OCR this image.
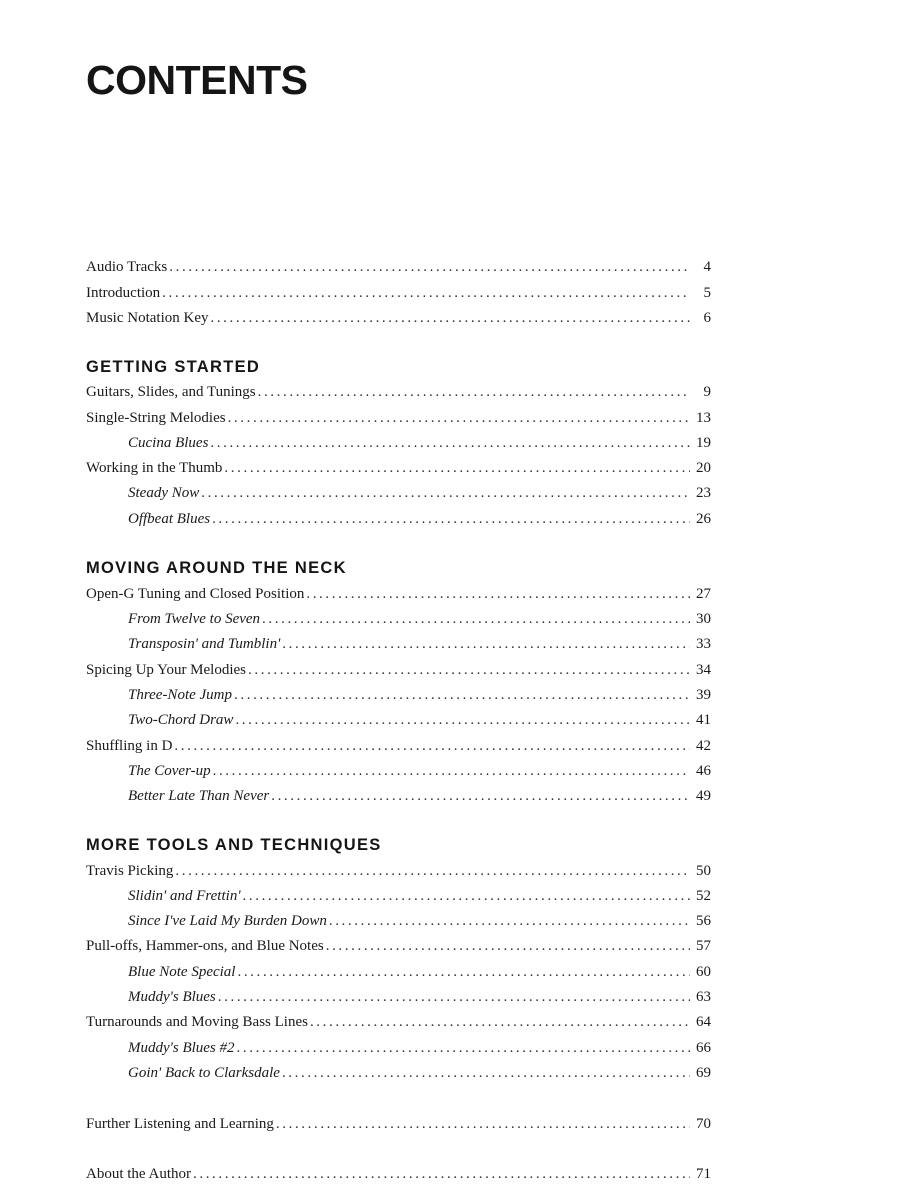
CONTENTS
Audio Tracks .....	4
Introduction .....	5
Music Notation Key .....	6
GETTING STARTED
Guitars, Slides, and Tunings .....	9
Single-String Melodies .....	13
Cucina Blues .....	19
Working in the Thumb .....	20
Steady Now .....	23
Offbeat Blues .....	26
MOVING AROUND THE NECK
Open-G Tuning and Closed Position .....	27
From Twelve to Seven .....	30
Transposin' and Tumblin' .....	33
Spicing Up Your Melodies .....	34
Three-Note Jump .....	39
Two-Chord Draw .....	41
Shuffling in D .....	42
The Cover-up .....	46
Better Late Than Never .....	49
MORE TOOLS AND TECHNIQUES
Travis Picking .....	50
Slidin' and Frettin' .....	52
Since I've Laid My Burden Down .....	56
Pull-offs, Hammer-ons, and Blue Notes .....	57
Blue Note Special .....	60
Muddy's Blues .....	63
Turnarounds and Moving Bass Lines .....	64
Muddy's Blues #2 .....	66
Goin' Back to Clarksdale .....	69
Further Listening and Learning .....	70
About the Author .....	71
